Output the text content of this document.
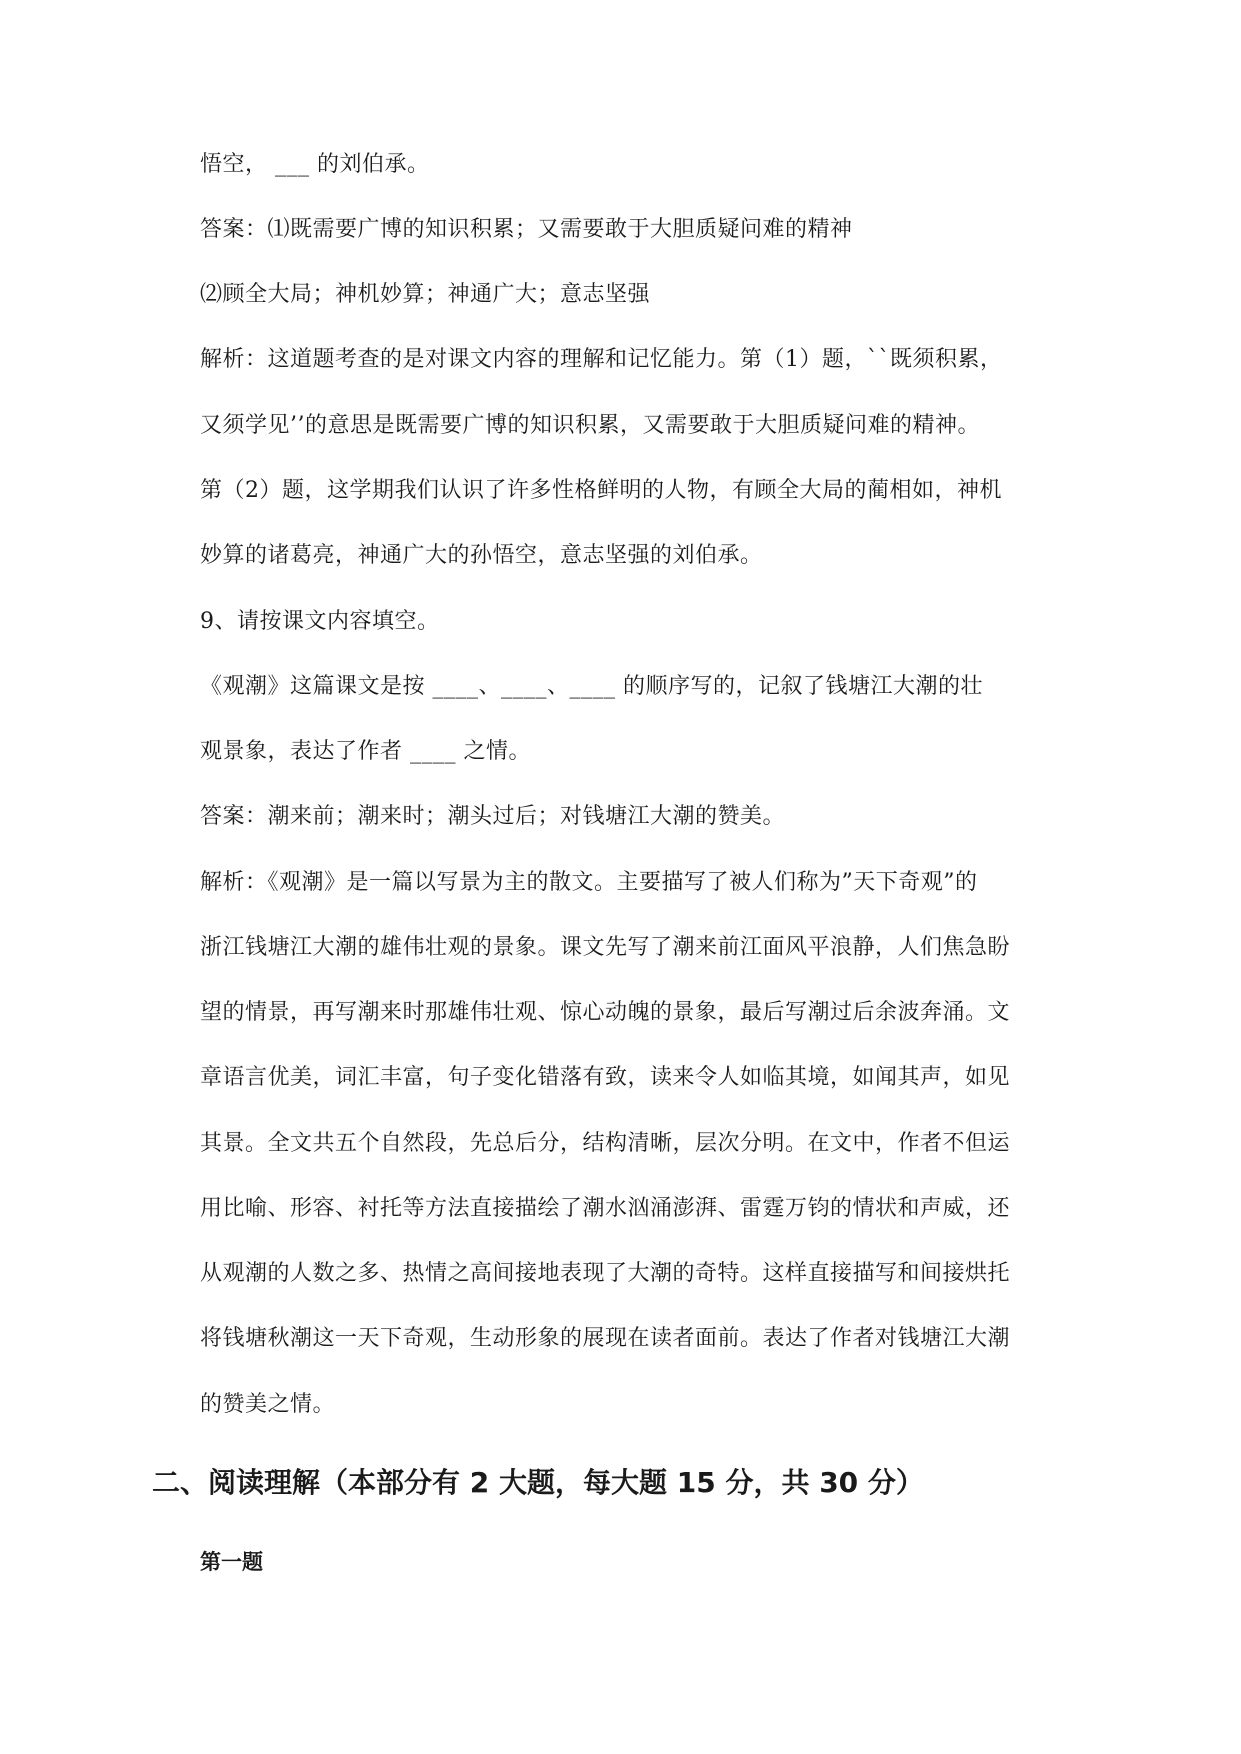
悟空， ___ 的刘伯承。
答案：⑴既需要广博的知识积累；又需要敢于大胆质疑问难的精神
⑵顾全大局；神机妙算；神通广大；意志坚强
解析：这道题考查的是对课文内容的理解和记忆能力。第（1）题，``既须积累，
又须学见’’的意思是既需要广博的知识积累，又需要敢于大胆质疑问难的精神。
第（2）题，这学期我们认识了许多性格鲜明的人物，有顾全大局的蔺相如，神机
妙算的诸葛亮，神通广大的孙悟空，意志坚强的刘伯承。
9、请按课文内容填空。
《观潮》这篇课文是按 ____、____、____ 的顺序写的，记叙了钱塘江大潮的壮
观景象，表达了作者 ____ 之情。
答案：潮来前；潮来时；潮头过后；对钱塘江大潮的赞美。
解析：《观潮》是一篇以写景为主的散文。主要描写了被人们称为”天下奇观”的
浙江钱塘江大潮的雄伟壮观的景象。课文先写了潮来前江面风平浪静，人们焦急盼
望的情景，再写潮来时那雄伟壮观、惊心动魄的景象，最后写潮过后余波奔涌。文
章语言优美，词汇丰富，句子变化错落有致，读来令人如临其境，如闻其声，如见
其景。全文共五个自然段，先总后分，结构清晰，层次分明。在文中，作者不但运
用比喻、形容、衬托等方法直接描绘了潮水汹涌澎湃、雷霆万钧的情状和声威，还
从观潮的人数之多、热情之高间接地表现了大潮的奇特。这样直接描写和间接烘托
将钱塘秋潮这一天下奇观，生动形象的展现在读者面前。表达了作者对钱塘江大潮
的赞美之情。
二、阅读理解（本部分有 2 大题，每大题 15 分，共 30 分）
第一题
